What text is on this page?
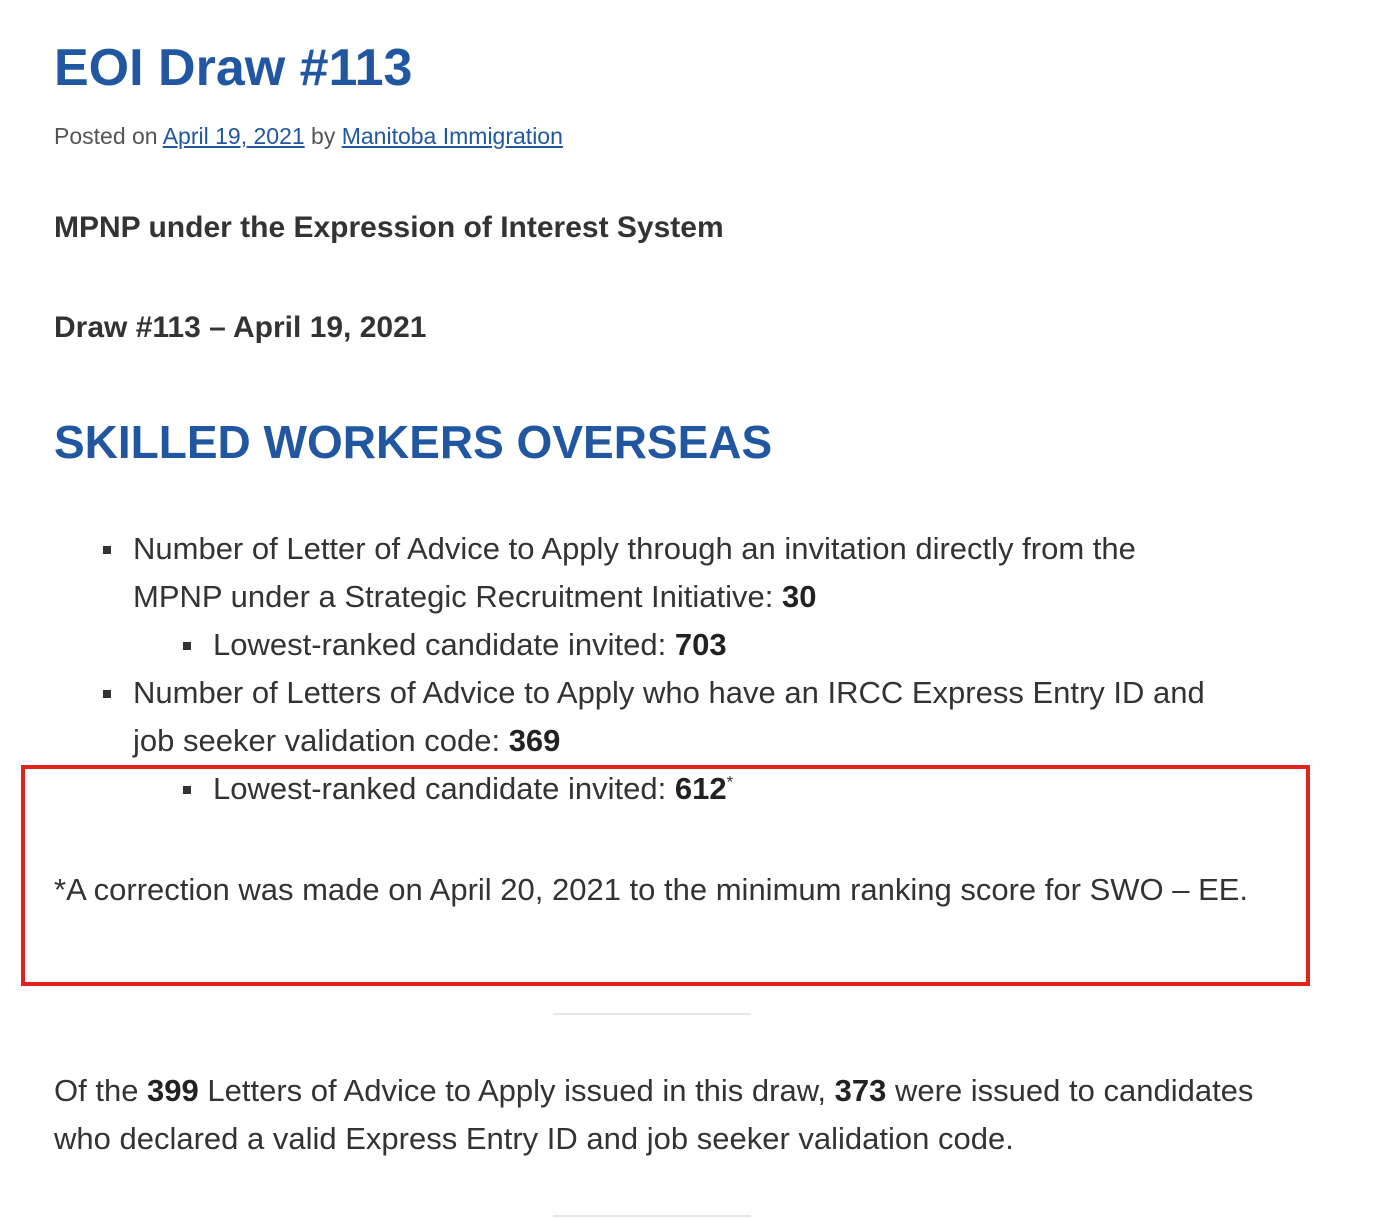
EOI Draw #113
Posted on April 19, 2021 by Manitoba Immigration
MPNP under the Expression of Interest System
Draw #113 – April 19, 2021
SKILLED WORKERS OVERSEAS
Number of Letter of Advice to Apply through an invitation directly from the
MPNP under a Strategic Recruitment Initiative: 30
Lowest-ranked candidate invited: 703
Number of Letters of Advice to Apply who have an IRCC Express Entry ID and
job seeker validation code: 369
Lowest-ranked candidate invited: 612*

*A correction was made on April 20, 2021 to the minimum ranking score for SWO – EE.

Of the 399 Letters of Advice to Apply issued in this draw, 373 were issued to candidates who declared a valid Express Entry ID and job seeker validation code.
